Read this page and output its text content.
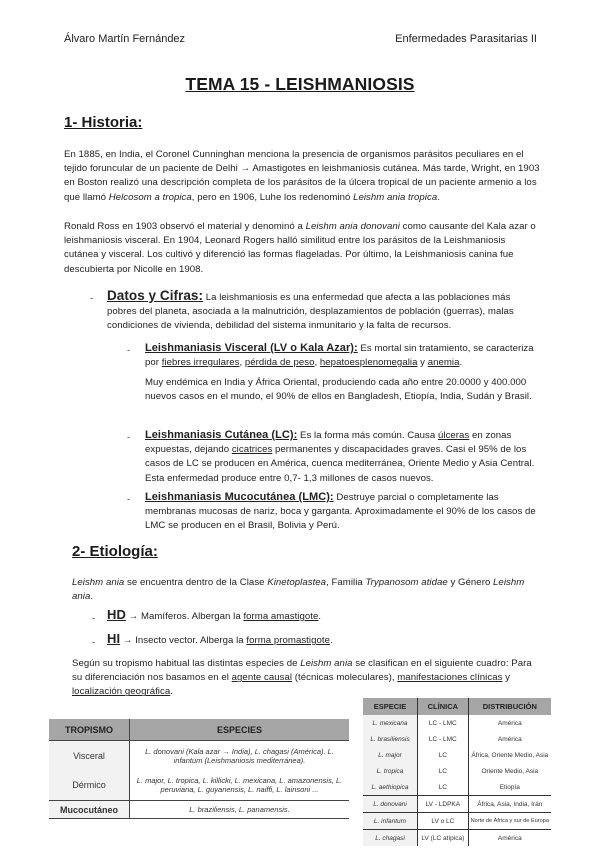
Álvaro Martín Fernández	Enfermedades Parasitarias II
TEMA 15 - LEISHMANIOSIS
1- Historia:
En 1885, en India, el Coronel Cunninghan menciona la presencia de organismos parásitos peculiares en el tejido foruncular de un paciente de Delhi → Amastigotes en leishmaniosis cutánea. Más tarde, Wright, en 1903 en Boston realizó una descripción completa de los parásitos de la úlcera tropical de un paciente armenio a los que llamó Helcosom a tropica, pero en 1906, Luhe los redenominó Leishm ania tropica.
Ronald Ross en 1903 observó el material y denominó a Leishm ania donovani como causante del Kala azar o leishmaniosis visceral. En 1904, Leonard Rogers halló similitud entre los parásitos de la Leishmaniosis cutánea y visceral. Los cultivó y diferenció las formas flageladas. Por último, la Leishmaniosis canina fue descubierta por Nicolle en 1908.
- Datos y Cifras: La leishmaniosis es una enfermedad que afecta a las poblaciones más pobres del planeta, asociada a la malnutrición, desplazamientos de población (guerras), malas condiciones de vivienda, debilidad del sistema inmunitario y la falta de recursos.
- Leishmaniasis Visceral (LV o Kala Azar): Es mortal sin tratamiento, se caracteriza por fiebres irregulares, pérdida de peso, hepatoesplenomegalia y anemia.
Muy endémica en India y África Oriental, produciendo cada año entre 20.0000 y 400.000 nuevos casos en el mundo, el 90% de ellos en Bangladesh, Etiopía, India, Sudán y Brasil.
- Leishmaniasis Cutánea (LC): Es la forma más común. Causa úlceras en zonas expuestas, dejando cicatrices permanentes y discapacidades graves. Casi el 95% de los casos de LC se producen en América, cuenca mediterránea, Oriente Medio y Asia Central. Esta enfermedad produce entre 0,7- 1,3 millones de casos nuevos.
- Leishmaniasis Mucocutánea (LMC): Destruye parcial o completamente las membranas mucosas de nariz, boca y garganta. Aproximadamente el 90% de los casos de LMC se producen en el Brasil, Bolivia y Perú.
2- Etiología:
Leishm ania se encuentra dentro de la Clase Kinetoplastea, Familia Trypanosom atidae y Género Leishm ania.
- HD → Mamíferos. Albergan la forma amastigote.
- HI → Insecto vector. Alberga la forma promastigote.
Según su tropismo habitual las distintas especies de Leishm ania se clasifican en el siguiente cuadro: Para su diferenciación nos basamos en el agente causal (técnicas moleculares), manifestaciones clínicas y localización geográfica.
TROPISMO	ESPECIES
Visceral	L. donovani (Kala azar → India), L. chagasi (América). L. infantum (Leishmaniosis mediterránea).
Dérmico	L. major, L. tropica, L. killicki, L. mexicana, L. amazonensis, L. peruviana, L. guyanensis, L. naiffi, L. lainsoni ...
Mucocutáneo	L. braziliensis, L. panamensis.
ESPECIE	CLÍNICA	DISTRIBUCIÓN
L. mexicana	LC - LMC	América
L. brasiliensis	LC - LMC	América
L. major	LC	África, Oriente Medio, Asia
L. tropica	LC	Oriente Medio, Asia
L. aethiopica	LC	Etiopía
L. donovani	LV - LDPKA	África, Asia, India, Irán
L. infantum	LV o LC	Norte de África y sur de Europa
L. chagasi	LV (LC atípica)	América
